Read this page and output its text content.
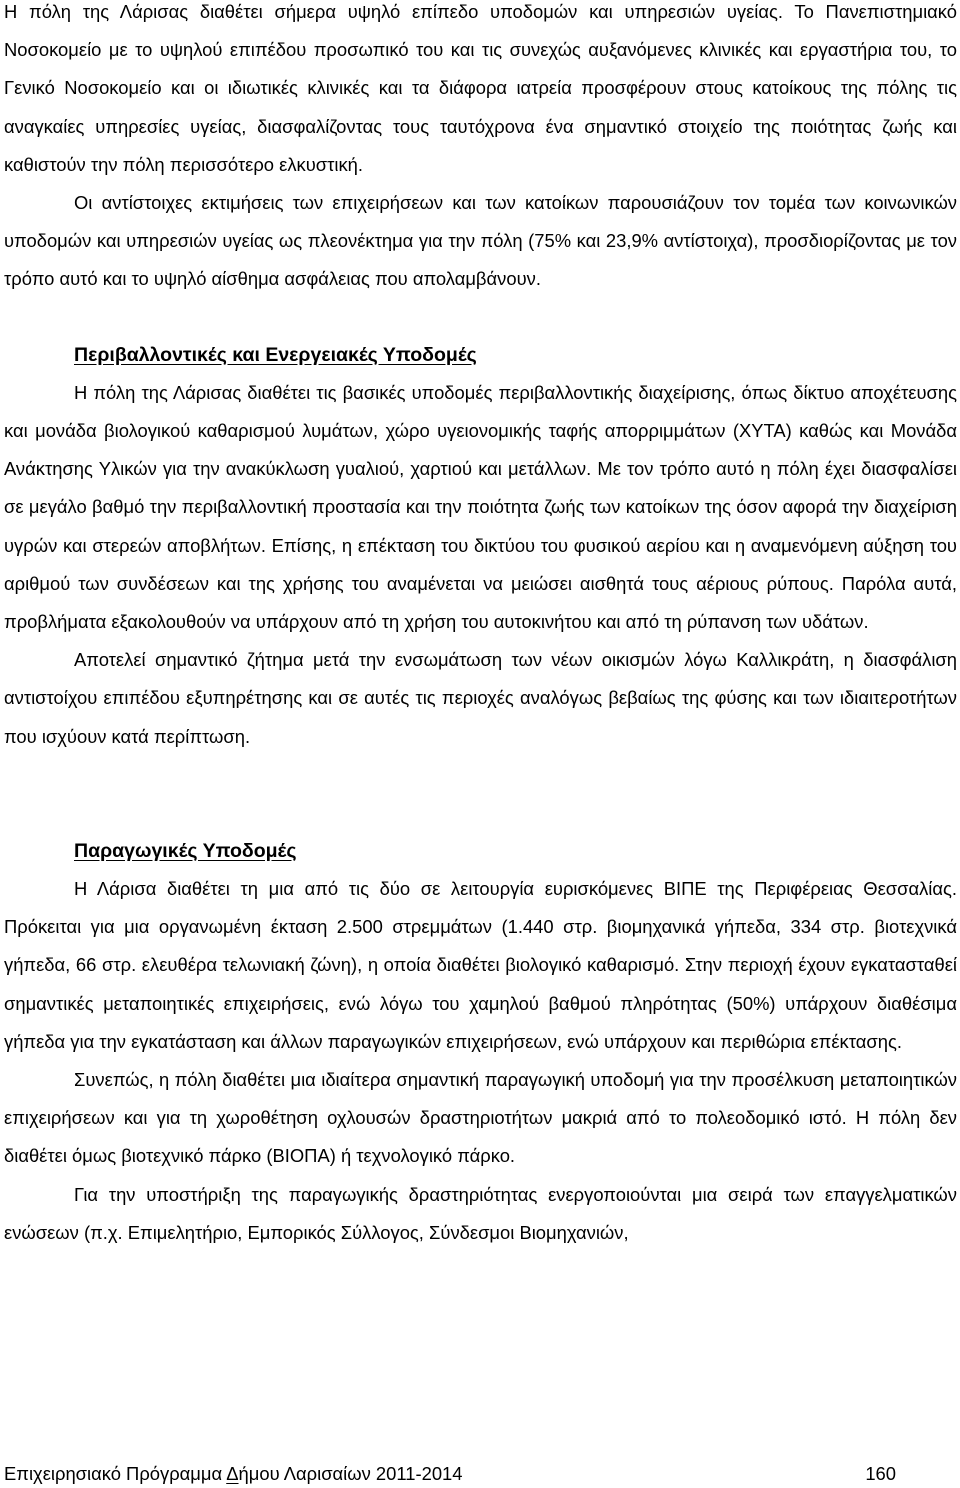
Η πόλη της Λάρισας διαθέτει σήμερα υψηλό επίπεδο υποδομών και υπηρεσιών υγείας. Το Πανεπιστημιακό Νοσοκομείο με το υψηλού επιπέδου προσωπικό του και τις συνεχώς αυξανόμενες κλινικές και εργαστήρια του, το Γενικό Νοσοκομείο και οι ιδιωτικές κλινικές και τα διάφορα ιατρεία προσφέρουν στους κατοίκους της πόλης τις αναγκαίες υπηρεσίες υγείας, διασφαλίζοντας τους ταυτόχρονα ένα σημαντικό στοιχείο της ποιότητας ζωής και καθιστούν την πόλη περισσότερο ελκυστική.

Οι αντίστοιχες εκτιμήσεις των επιχειρήσεων και των κατοίκων παρουσιάζουν τον τομέα των κοινωνικών υποδομών και υπηρεσιών υγείας ως πλεονέκτημα για την πόλη (75% και 23,9% αντίστοιχα), προσδιορίζοντας με τον τρόπο αυτό και το υψηλό αίσθημα ασφάλειας που απολαμβάνουν.

Περιβαλλοντικές και Ενεργειακές Υποδομές

Η πόλη της Λάρισας διαθέτει τις βασικές υποδομές περιβαλλοντικής διαχείρισης, όπως δίκτυο αποχέτευσης και μονάδα βιολογικού καθαρισμού λυμάτων, χώρο υγειονομικής ταφής απορριμμάτων (ΧΥΤΑ) καθώς και Μονάδα Ανάκτησης Υλικών για την ανακύκλωση γυαλιού, χαρτιού και μετάλλων. Με τον τρόπο αυτό η πόλη έχει διασφαλίσει σε μεγάλο βαθμό την περιβαλλοντική προστασία και την ποιότητα ζωής των κατοίκων της όσον αφορά την διαχείριση υγρών και στερεών αποβλήτων. Επίσης, η επέκταση του δικτύου του φυσικού αερίου και η αναμενόμενη αύξηση του αριθμού των συνδέσεων και της χρήσης του αναμένεται να μειώσει αισθητά τους αέριους ρύπους. Παρόλα αυτά, προβλήματα εξακολουθούν να υπάρχουν από τη χρήση του αυτοκινήτου και από τη ρύπανση των υδάτων.

Αποτελεί σημαντικό ζήτημα μετά την ενσωμάτωση των νέων οικισμών λόγω Καλλικράτη, η διασφάλιση αντιστοίχου επιπέδου εξυπηρέτησης και σε αυτές τις περιοχές αναλόγως βεβαίως της φύσης και των ιδιαιτεροτήτων που ισχύουν κατά περίπτωση.

Παραγωγικές Υποδομές

Η Λάρισα διαθέτει τη μια από τις δύο σε λειτουργία ευρισκόμενες ΒΙΠΕ της Περιφέρειας Θεσσαλίας. Πρόκειται για μια οργανωμένη έκταση 2.500 στρεμμάτων (1.440 στρ. βιομηχανικά γήπεδα, 334 στρ. βιοτεχνικά γήπεδα, 66 στρ. ελευθέρα τελωνιακή ζώνη), η οποία διαθέτει βιολογικό καθαρισμό. Στην περιοχή έχουν εγκατασταθεί σημαντικές μεταποιητικές επιχειρήσεις, ενώ λόγω του χαμηλού βαθμού πληρότητας (50%) υπάρχουν διαθέσιμα γήπεδα για την εγκατάσταση και άλλων παραγωγικών επιχειρήσεων, ενώ υπάρχουν και περιθώρια επέκτασης.

Συνεπώς, η πόλη διαθέτει μια ιδιαίτερα σημαντική παραγωγική υποδομή για την προσέλκυση μεταποιητικών επιχειρήσεων και για τη χωροθέτηση οχλουσών δραστηριοτήτων μακριά από το πολεοδομικό ιστό. Η πόλη δεν διαθέτει όμως βιοτεχνικό πάρκο (ΒΙΟΠΑ) ή τεχνολογικό πάρκο.

Για την υποστήριξη της παραγωγικής δραστηριότητας ενεργοποιούνται μια σειρά των επαγγελματικών ενώσεων (π.χ. Επιμελητήριο, Εμπορικός Σύλλογος, Σύνδεσμοι Βιομηχανιών,

Επιχειρησιακό Πρόγραμμα Δήμου Λαρισαίων 2011-2014	160
